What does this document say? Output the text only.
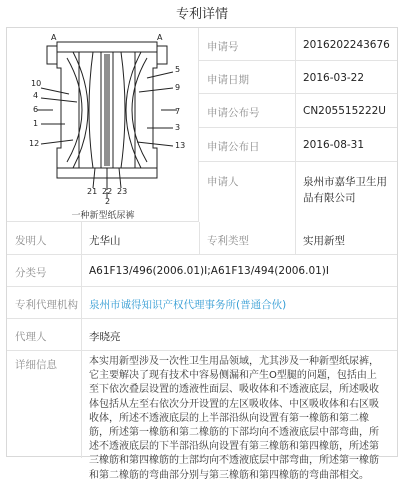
专利详情
10
4
6
1
12
5
9
7
3
13
21 22 23
2
A	A
一种新型纸尿裤
申请号	2016202243676
申请日期	2016-03-22
申请公布号	CN205515222U
申请公布日	2016-08-31
申请人	泉州市嘉华卫生用
品有限公司
发明人	尤华山	专利类型	实用新型
分类号	A61F13/496(2006.01)I;A61F13/494(2006.01)I
专利代理机构 泉州市诚得知识产权代理事务所(普通合伙)
代理人	李晓亮
详细信息	本实用新型涉及一次性卫生用品领域，尤其涉及一种新型纸尿裤，
它主要解决了现有技术中容易侧漏和产生O型腿的问题，包括由上
至下依次叠层设置的透液性面层、吸收体和不透液底层，所述吸收
体包括从左至右依次分开设置的左区吸收体、中区吸收体和右区吸
收体，所述不透液底层的上半部沿纵向设置有第一橡筋和第二橡
筋，所述第一橡筋和第二橡筋的下部均向不透液底层中部弯曲，所
述不透液底层的下半部沿纵向设置有第三橡筋和第四橡筋，所述第
三橡筋和第四橡筋的上部均向不透液底层中部弯曲，所述第一橡筋
和第二橡筋的弯曲部分别与第三橡筋和第四橡筋的弯曲部相交。
